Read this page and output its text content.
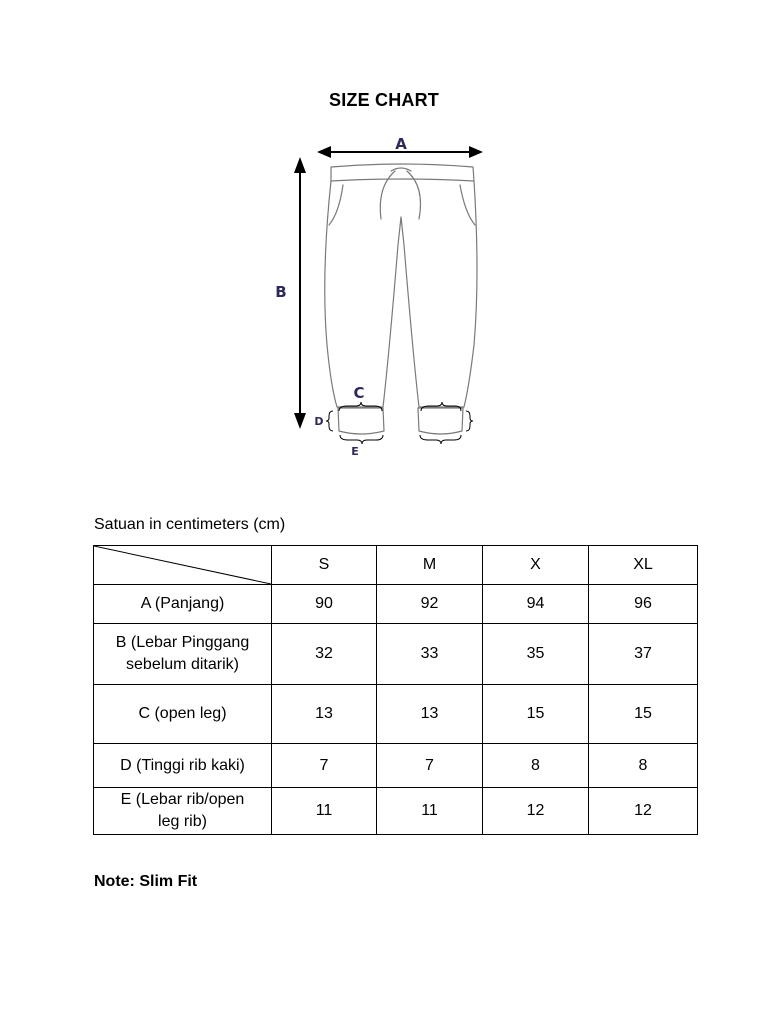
SIZE CHART
A
B
C
D
E
Satuan in centimeters (cm)
	S	M	X	XL
A (Panjang)	90	92	94	96
B (Lebar Pinggang
sebelum ditarik)	32	33	35	37
C (open leg)	13	13	15	15
D (Tinggi rib kaki)	7	7	8	8
E (Lebar rib/open
leg rib)	11	11	12	12
Note: Slim Fit
